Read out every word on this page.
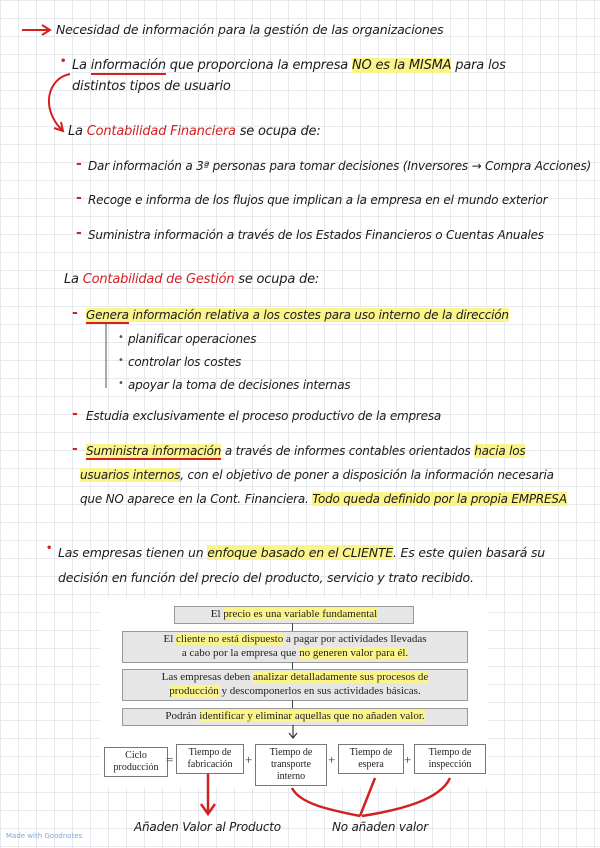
Necesidad de información para la gestión de las organizaciones
• La información que proporciona la empresa NO es la MISMA para los
distintos tipos de usuario
La Contabilidad Financiera se ocupa de:
- Dar información a 3ª personas para tomar decisiones (Inversores → Compra Acciones)
- Recoge e informa de los flujos que implican a la empresa en el mundo exterior
- Suministra información a través de los Estados Financieros o Cuentas Anuales
La Contabilidad de Gestión se ocupa de:
- Genera información relativa a los costes para uso interno de la dirección
• planificar operaciones
• controlar los costes
• apoyar la toma de decisiones internas
- Estudia exclusivamente el proceso productivo de la empresa
- Suministra información a través de informes contables orientados hacia los
usuarios internos, con el objetivo de poner a disposición la información necesaria
que NO aparece en la Cont. Financiera. Todo queda definido por la propia EMPRESA
• Las empresas tienen un enfoque basado en el CLIENTE. Es este quien basará su
decisión en función del precio del producto, servicio y trato recibido.
El precio es una variable fundamental
El cliente no está dispuesto a pagar por actividades llevadas
a cabo por la empresa que no generen valor para él.
Las empresas deben analizar detalladamente sus procesos de
producción y descomponerlos en sus actividades básicas.
Podrán identificar y eliminar aquellas que no añaden valor.
Ciclo producción
=	Tiempo de fabricación +	Tiempo de transporte interno
+	Tiempo de espera	+	Tiempo de inspección
Añaden Valor al Producto	No añaden valor
Made with Goodnotes
